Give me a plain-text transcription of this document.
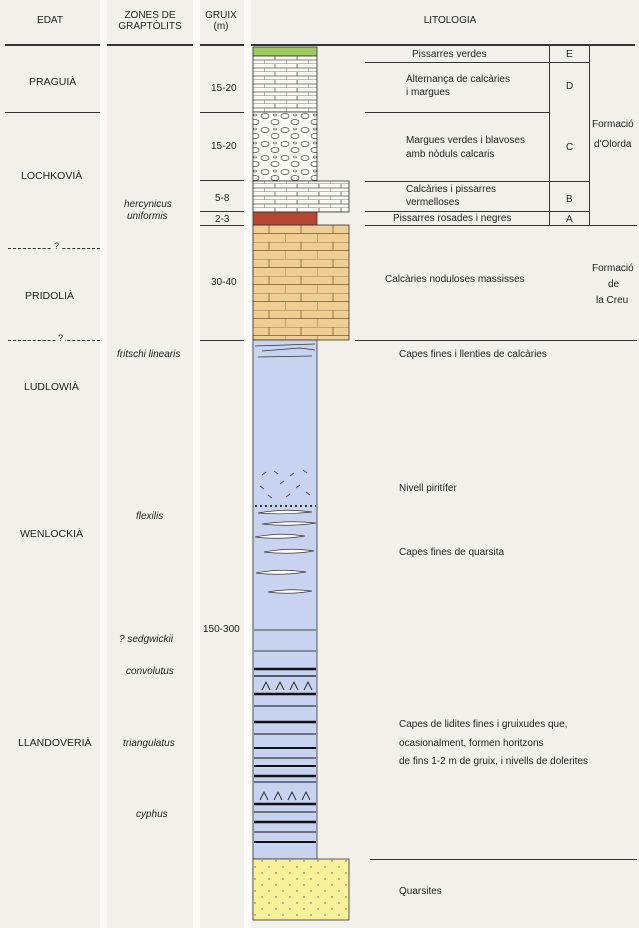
EDAT	ZONES DE GRAPTÒLITS
GRUIX (m)
LITOLOGIA
?
?
PRAGUIÀ
LOCHKOVIÀ
PRIDOLIÀ
LUDLOWIÀ
WENLOCKIÀ
LLANDOVERIÀ
hercynicus
uniformis
fritschi linearis
flexilis
? sedgwickii
convolutus
triangulatus
cyphus
15-20
15-20
5-8
2-3
30-40
150-300
Pissarres verdes
Alternança de calcàries
i margues
Margues verdes i blavoses
amb nòduls calcaris
Calcàries i pissarres
vermelloses
Pissarres rosades i negres
E
D
C
B
A
Formació
d'Olorda
Formació
de
la Creu
Calcàries noduloses massisses
Capes fines i llenties de calcàries
Nivell piritífer
Capes fines de quarsita
Capes de lidites fines i gruixudes que,
ocasionalment, formen horitzons
de fins 1-2 m de gruix, i nivells de dolerites
Quarsites
